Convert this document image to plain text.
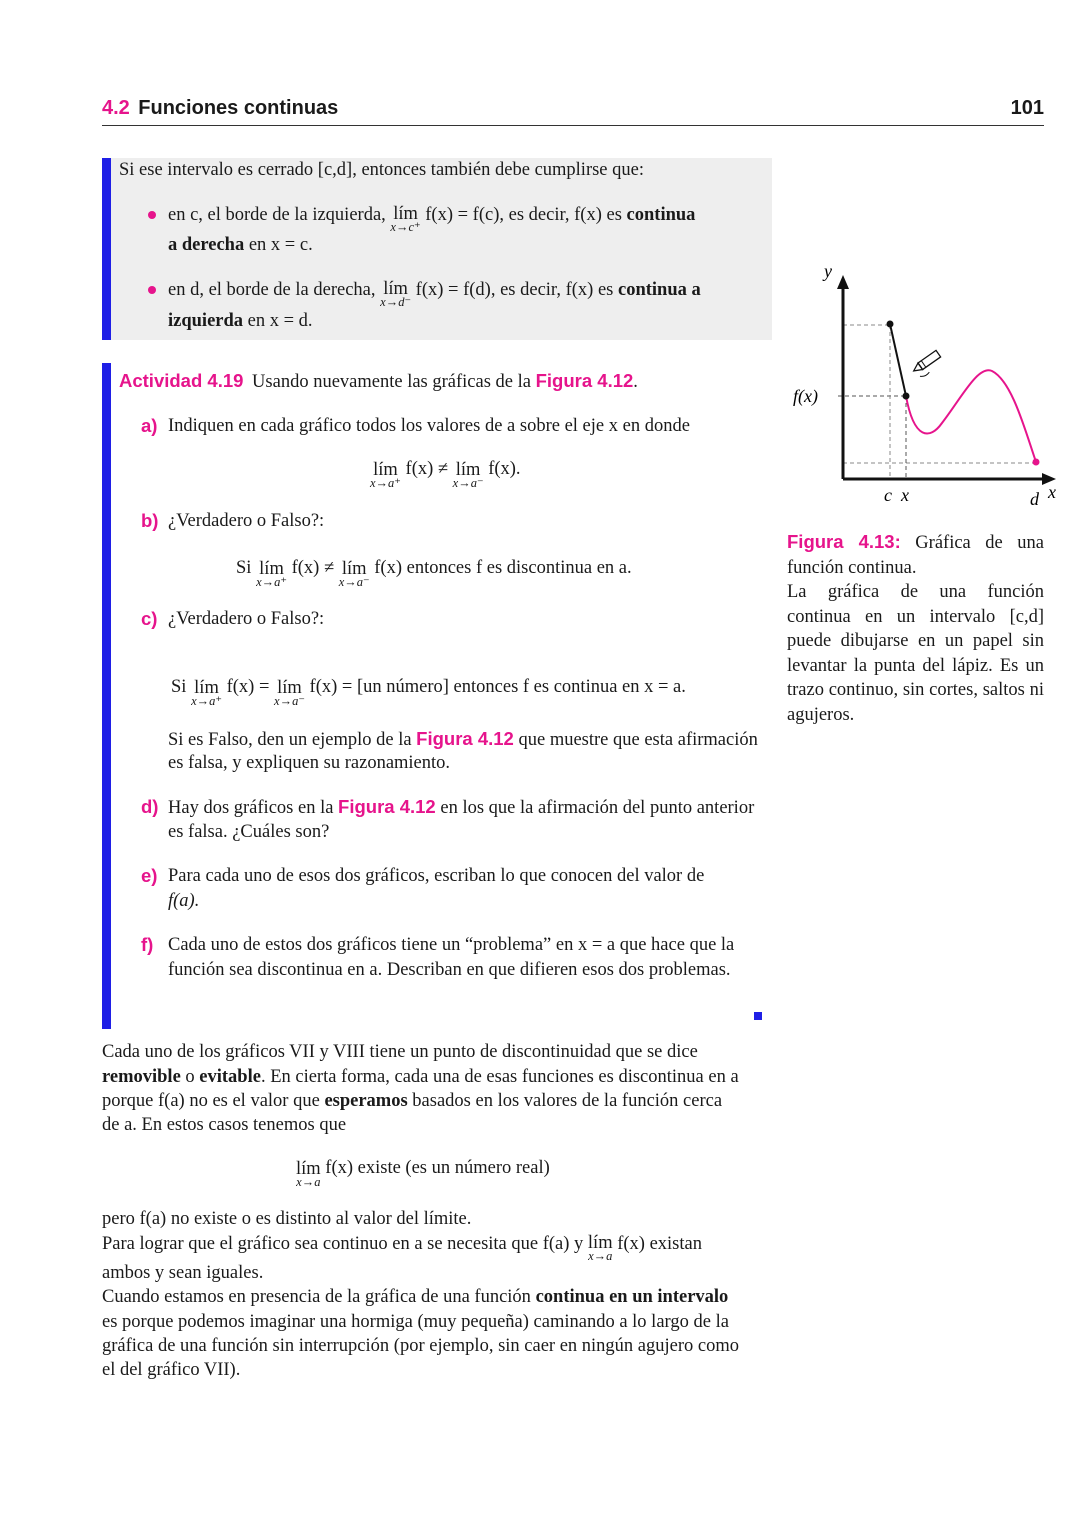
4.2 Funciones continuas	101
Si ese intervalo es cerrado [c,d], entonces también debe cumplirse que:
en c, el borde de la izquierda, lím
x→c⁺
f(x) = f(c), es decir, f(x) es continua
a derecha en x = c.
en d, el borde de la derecha, lím
x→d⁻
f(x) = f(d), es decir, f(x) es continua a
izquierda en x = d.
Actividad 4.19 Usando nuevamente las gráficas de la Figura 4.12.
a) Indiquen en cada gráfico todos los valores de a sobre el eje x en donde
lím
x→a⁺
f(x) ≠ lím
x→a⁻
f(x).
b) ¿Verdadero o Falso?:
Si lím
x→a⁺
f(x) ≠ lím
x→a⁻
f(x) entonces f es discontinua en a.
c) ¿Verdadero o Falso?:
Si lím
x→a⁺
f(x) = lím
x→a⁻
f(x) = [un número] entonces f es continua en x = a.
Si es Falso, den un ejemplo de la Figura 4.12 que muestre que esta afirmación
es falsa, y expliquen su razonamiento.
d) Hay dos gráficos en la Figura 4.12 en los que la afirmación del punto anterior
es falsa. ¿Cuáles son?
e) Para cada uno de esos dos gráficos, escriban lo que conocen del valor de
f(a).
f) Cada uno de estos dos gráficos tiene un “problema” en x = a que hace que la
función sea discontinua en a. Describan en que difieren esos dos problemas.
Cada uno de los gráficos VII y VIII tiene un punto de discontinuidad que se dice
removible o evitable. En cierta forma, cada una de esas funciones es discontinua en a
porque f(a) no es el valor que esperamos basados en los valores de la función cerca
de a. En estos casos tenemos que
lím
x→a
f(x) existe (es un número real)
pero f(a) no existe o es distinto al valor del límite.
Para lograr que el gráfico sea continuo en a se necesita que f(a) y lím
x→a
f(x) existan
ambos y sean iguales.
Cuando estamos en presencia de la gráfica de una función continua en un intervalo
es porque podemos imaginar una hormiga (muy pequeña) caminando a lo largo de la
gráfica de una función sin interrupción (por ejemplo, sin caer en ningún agujero como
el del gráfico VII).
y
x
f(x)
c x	d
Figura 4.13: Gráfica de una función continua.
La gráfica de una función continua en un intervalo [c,d] puede dibujarse en un papel sin levantar la punta del lápiz. Es un trazo continuo, sin cortes, saltos ni agujeros.
